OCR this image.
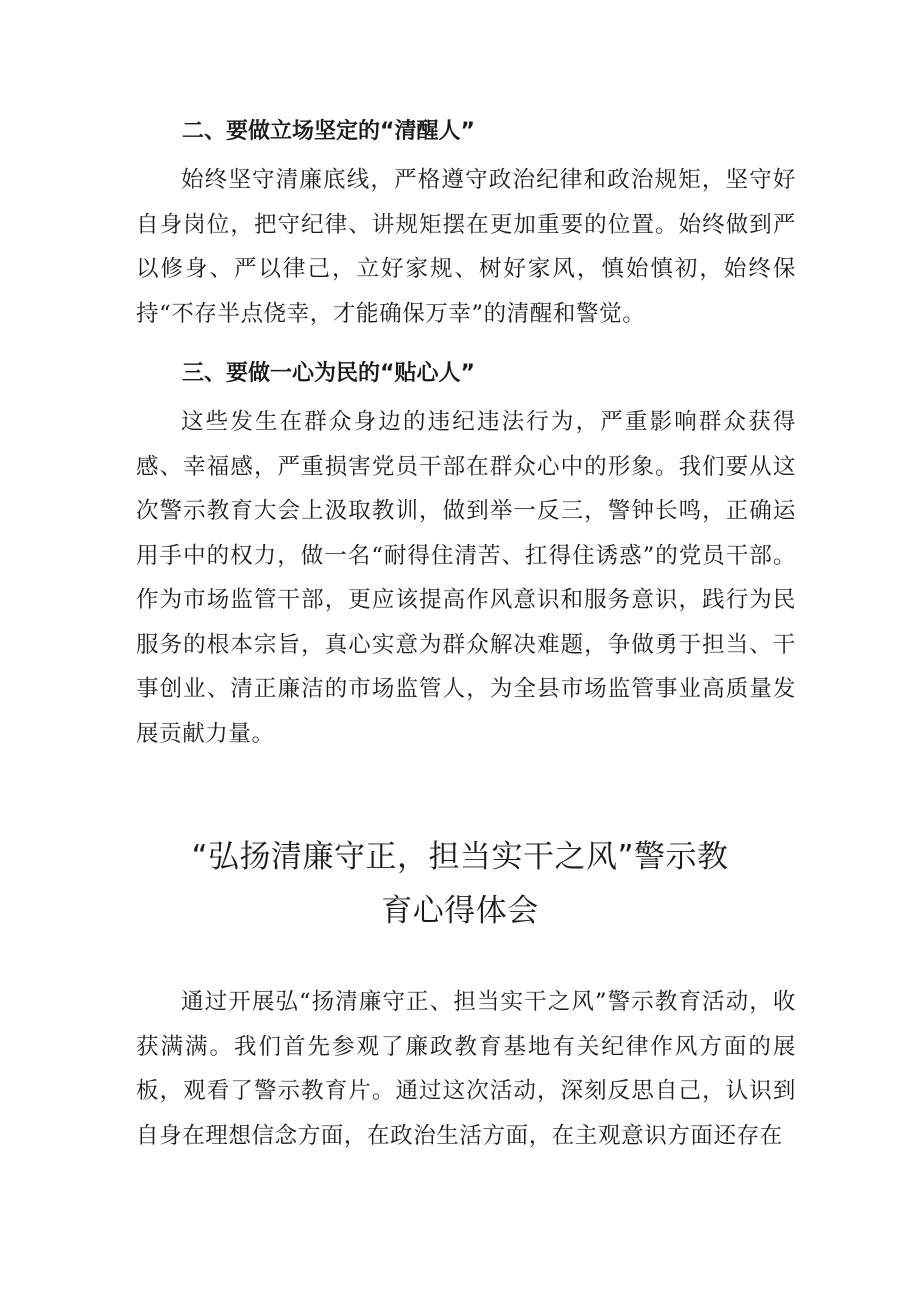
二、要做立场坚定的“清醒人”
始终坚守清廉底线，严格遵守政治纪律和政治规矩，坚守好自身岗位，把守纪律、讲规矩摆在更加重要的位置。始终做到严以修身、严以律己，立好家规、树好家风，慎始慎初，始终保持“不存半点侥幸，才能确保万幸”的清醒和警觉。
三、要做一心为民的“贴心人”
这些发生在群众身边的违纪违法行为，严重影响群众获得感、幸福感，严重损害党员干部在群众心中的形象。我们要从这次警示教育大会上汲取教训，做到举一反三，警钟长鸣，正确运用手中的权力，做一名“耐得住清苦、扛得住诱惑”的党员干部。作为市场监管干部，更应该提高作风意识和服务意识，践行为民服务的根本宗旨，真心实意为群众解决难题，争做勇于担当、干事创业、清正廉洁的市场监管人，为全县市场监管事业高质量发展贡献力量。
“弘扬清廉守正，担当实干之风”警示教
育心得体会
通过开展弘“扬清廉守正、担当实干之风”警示教育活动，收获满满。我们首先参观了廉政教育基地有关纪律作风方面的展板，观看了警示教育片。通过这次活动，深刻反思自己，认识到自身在理想信念方面，在政治生活方面，在主观意识方面还存在
